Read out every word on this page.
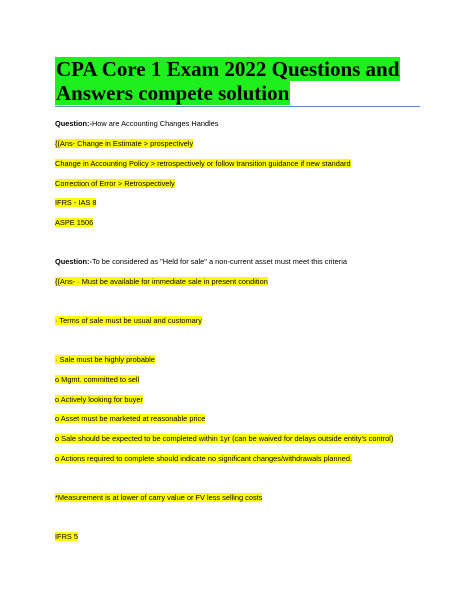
CPA Core 1 Exam 2022 Questions and
Answers compete solution
Question:-How are Accounting Changes Handles
{{Ans- Change in Estimate > prospectively
Change in Accounting Policy > retrospectively or follow transition guidance if new standard
Correction of Error > Retrospectively
IFRS - IAS 8
ASPE 1506
Question:-To be considered as "Held for sale" a non-current asset must meet this criteria
{{Ans- · Must be available for immediate sale in present condition
· Terms of sale must be usual and customary
· Sale must be highly probable
o Mgmt. committed to sell
o Actively looking for buyer
o Asset must be marketed at reasonable price
o Sale should be expected to be completed within 1yr (can be waived for delays outside entity's control)
o Actions required to complete should indicate no significant changes/withdrawals planned.
*Measurement is at lower of carry value or FV less selling costs
IFRS 5
